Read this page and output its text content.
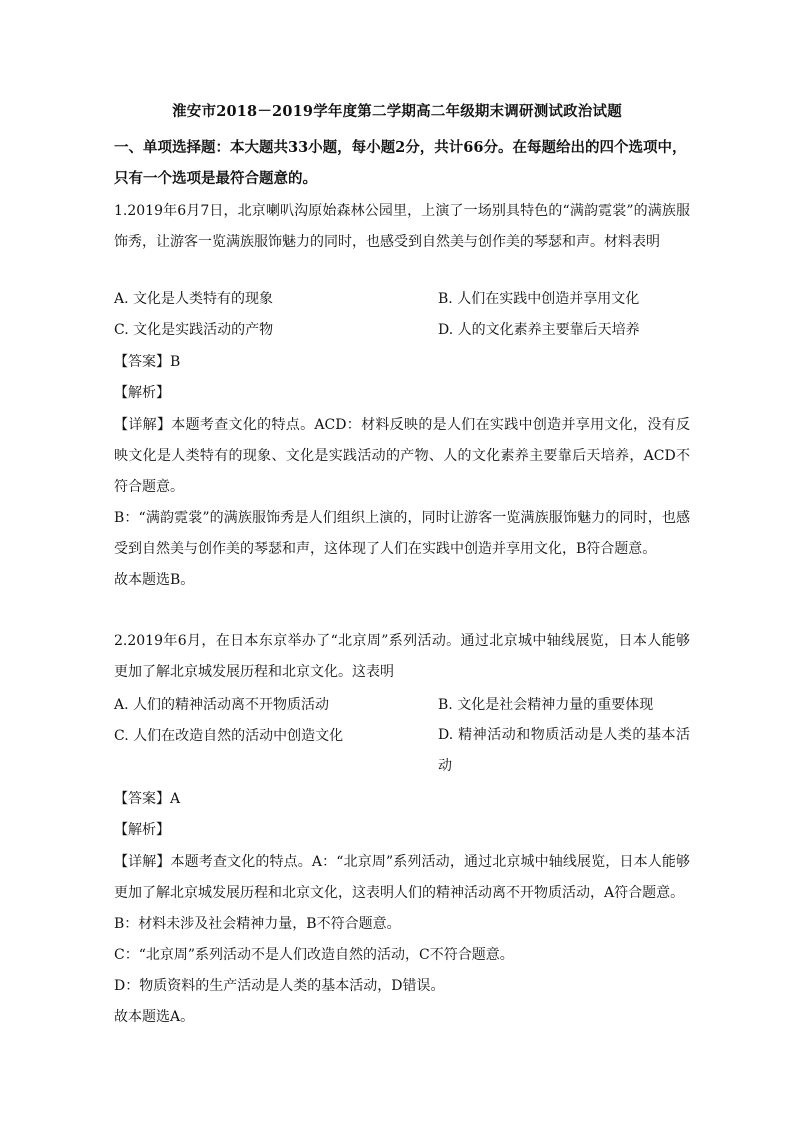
淮安市2018－2019学年度第二学期高二年级期末调研测试政治试题
一、单项选择题：本大题共33小题，每小题2分，共计66分。在每题给出的四个选项中，只有一个选项是最符合题意的。
1.2019年6月7日，北京喇叭沟原始森林公园里，上演了一场别具特色的“满韵霓裳”的满族服饰秀，让游客一览满族服饰魅力的同时，也感受到自然美与创作美的琴瑟和声。材料表明
A. 文化是人类特有的现象	B. 人们在实践中创造并享用文化
C. 文化是实践活动的产物	D. 人的文化素养主要靠后天培养
【答案】B
【解析】
【详解】本题考查文化的特点。ACD：材料反映的是人们在实践中创造并享用文化，没有反映文化是人类特有的现象、文化是实践活动的产物、人的文化素养主要靠后天培养，ACD不符合题意。
B：“满韵霓裳”的满族服饰秀是人们组织上演的，同时让游客一览满族服饰魅力的同时，也感受到自然美与创作美的琴瑟和声，这体现了人们在实践中创造并享用文化，B符合题意。
故本题选B。
2.2019年6月，在日本东京举办了“北京周”系列活动。通过北京城中轴线展览，日本人能够更加了解北京城发展历程和北京文化。这表明
A. 人们的精神活动离不开物质活动	B. 文化是社会精神力量的重要体现
C. 人们在改造自然的活动中创造文化	D. 精神活动和物质活动是人类的基本活动
【答案】A
【解析】
【详解】本题考查文化的特点。A：“北京周”系列活动，通过北京城中轴线展览，日本人能够更加了解北京城发展历程和北京文化，这表明人们的精神活动离不开物质活动，A符合题意。
B：材料未涉及社会精神力量，B不符合题意。
C：“北京周”系列活动不是人们改造自然的活动，C不符合题意。
D：物质资料的生产活动是人类的基本活动，D错误。
故本题选A。
